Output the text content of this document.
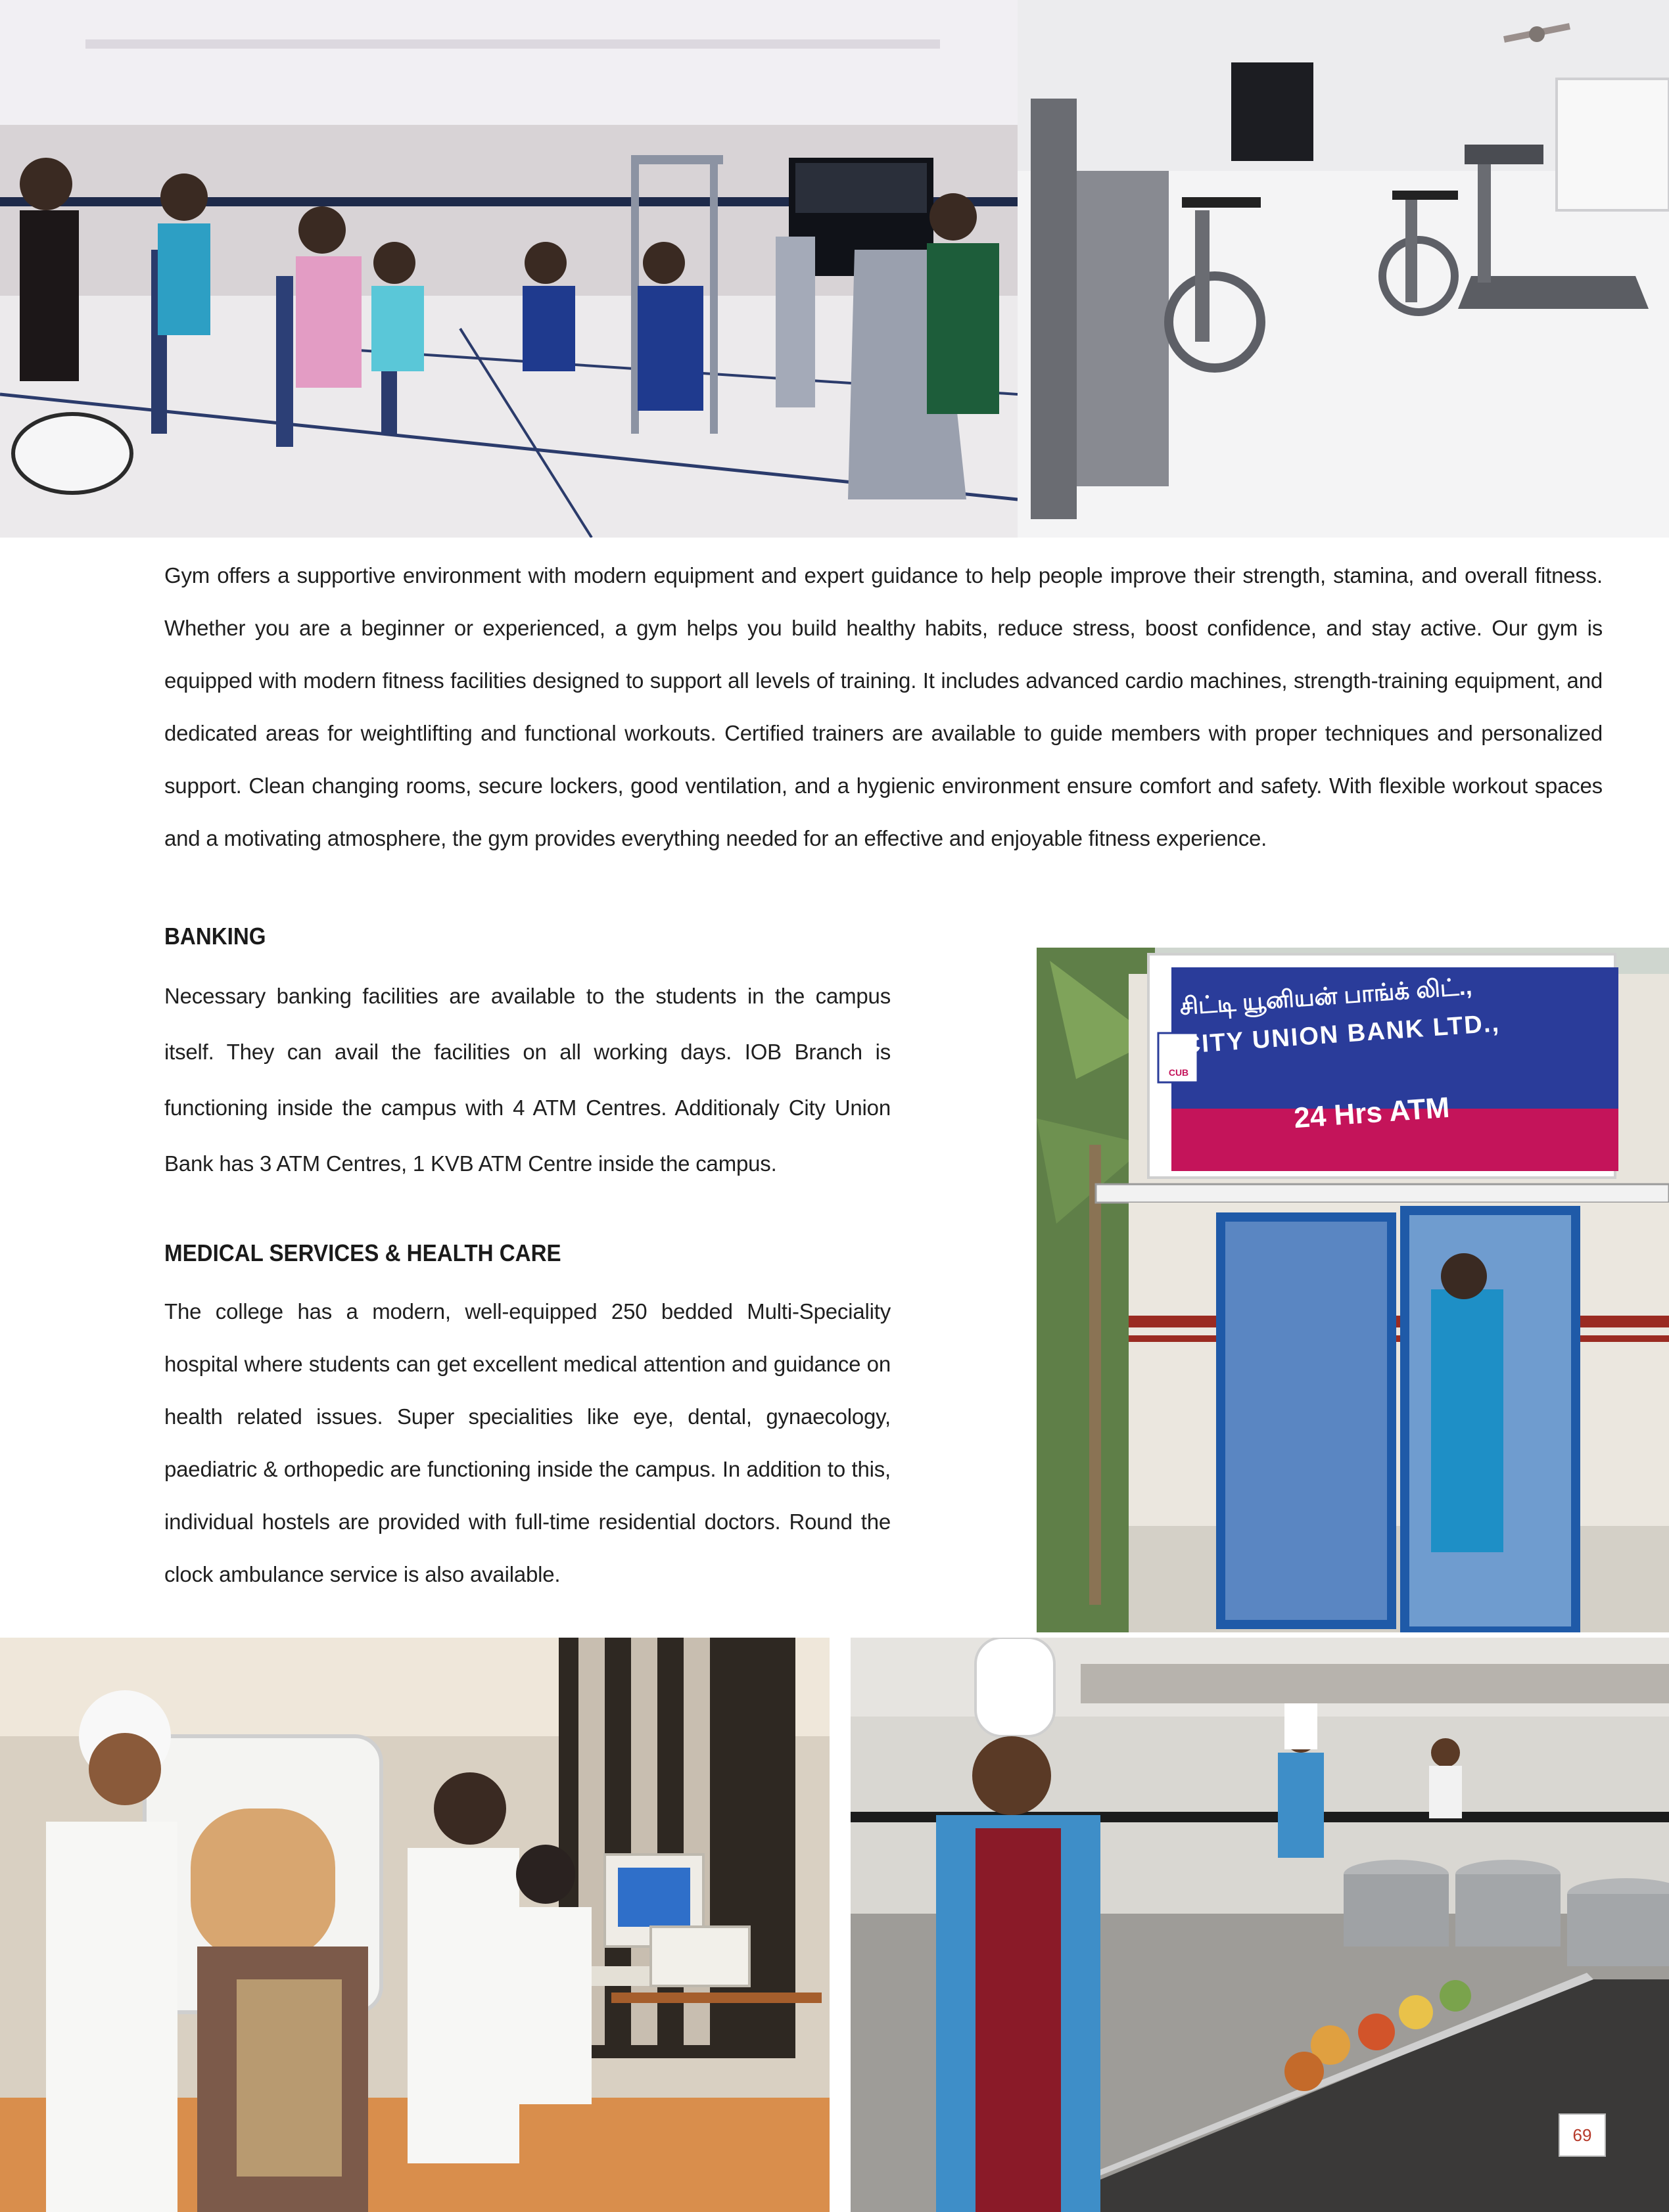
Gym offers a supportive environment with modern equipment and expert guidance to help people improve their strength, stamina, and overall fitness. Whether you are a beginner or experienced, a gym helps you build healthy habits, reduce stress, boost confidence, and stay active. Our gym is equipped with modern fitness facilities designed to support all levels of training. It includes advanced cardio machines, strength-training equipment, and dedicated areas for weightlifting and functional workouts. Certified trainers are available to guide members with proper techniques and personalized support. Clean changing rooms, secure lockers, good ventilation, and a hygienic environment ensure comfort and safety. With flexible workout spaces and a motivating atmosphere, the gym provides everything needed for an effective and enjoyable fitness experience.

BANKING

Necessary banking facilities are available to the students in the campus itself. They can avail the facilities on all working days. IOB Branch is functioning inside the campus with 4 ATM Centres. Additionaly City Union Bank has 3 ATM Centres, 1 KVB ATM Centre inside the campus.

MEDICAL SERVICES & HEALTH CARE

The college has a modern, well-equipped 250 bedded Multi-Speciality hospital where students can get excellent medical attention and guidance on health related issues. Super specialities like eye, dental, gynaecology, paediatric & orthopedic are functioning inside the campus. In addition to this, individual hostels are provided with full-time residential doctors. Round the clock ambulance service is also available.

சிட்டி யூனியன் பாங்க் லிட்.,
CITY UNION BANK LTD.,
24 Hrs ATM
CUB
69
